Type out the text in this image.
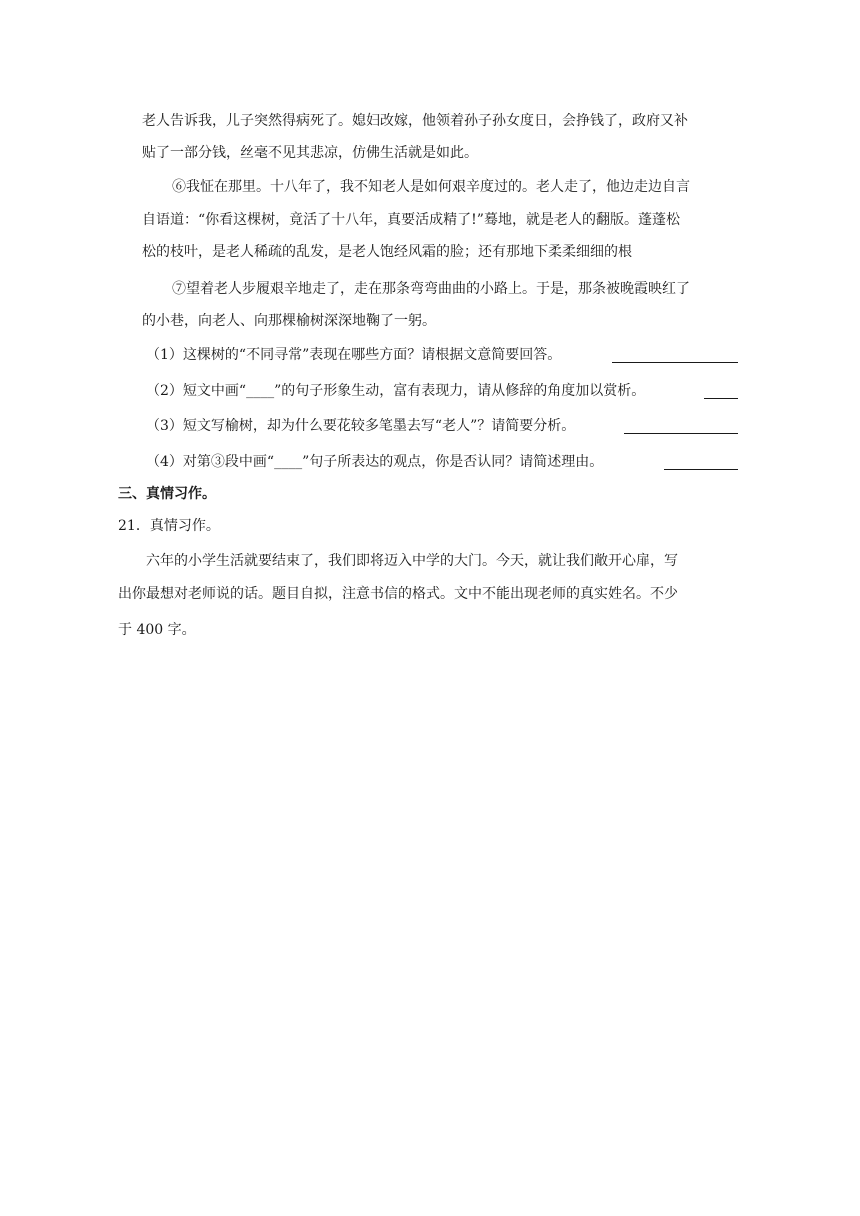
老人告诉我，儿子突然得病死了。媳妇改嫁，他领着孙子孙女度日，会挣钱了，政府又补
贴了一部分钱，丝毫不见其悲凉，仿佛生活就是如此。
⑥我怔在那里。十八年了，我不知老人是如何艰辛度过的。老人走了，他边走边自言
自语道：“你看这棵树，竟活了十八年，真要活成精了!”蓦地，就是老人的翻版。蓬蓬松
松的枝叶，是老人稀疏的乱发，是老人饱经风霜的脸；还有那地下柔柔细细的根
⑦望着老人步履艰辛地走了，走在那条弯弯曲曲的小路上。于是，那条被晚霞映红了
的小巷，向老人、向那棵榆树深深地鞠了一躬。
（1）这棵树的“不同寻常”表现在哪些方面？请根据文意简要回答。
（2）短文中画“____”的句子形象生动，富有表现力，请从修辞的角度加以赏析。
（3）短文写榆树，却为什么要花较多笔墨去写“老人”？请简要分析。
（4）对第③段中画“____”句子所表达的观点，你是否认同？请简述理由。
三、真情习作。
21．真情习作。
六年的小学生活就要结束了，我们即将迈入中学的大门。今天，就让我们敞开心扉，写
出你最想对老师说的话。题目自拟，注意书信的格式。文中不能出现老师的真实姓名。不少
于 400 字。
